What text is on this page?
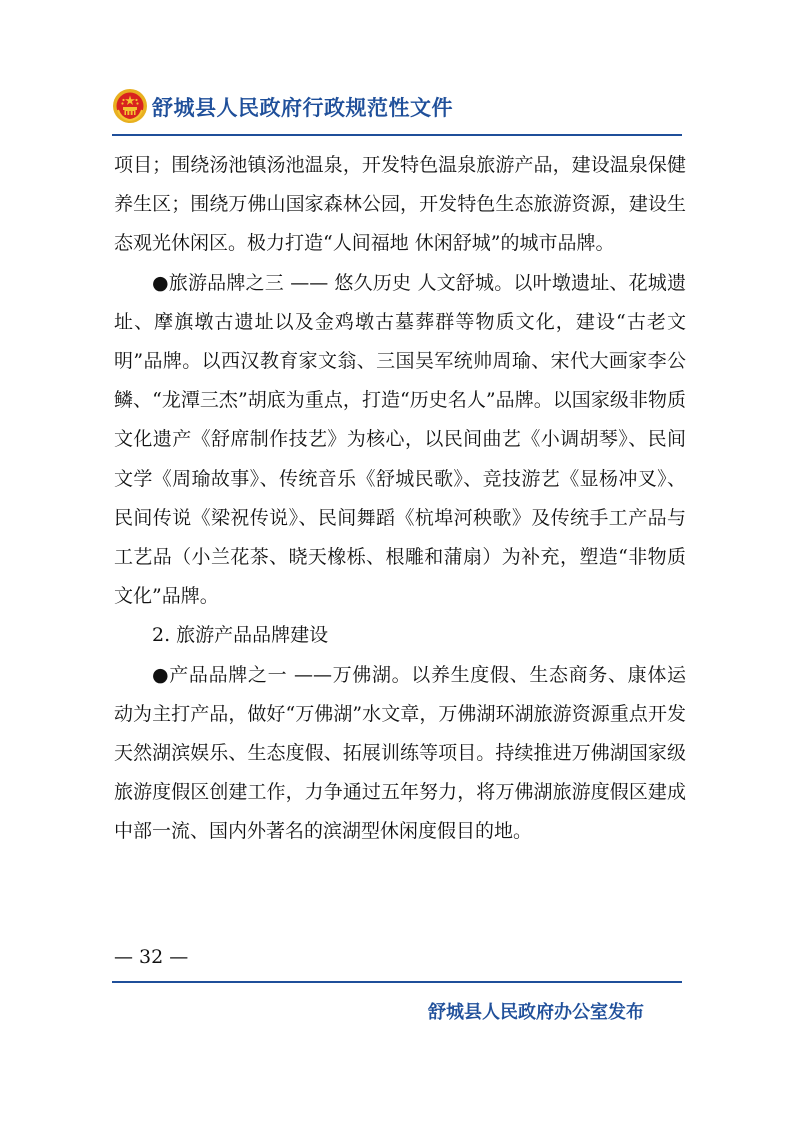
舒城县人民政府行政规范性文件

项目；围绕汤池镇汤池温泉，开发特色温泉旅游产品，建设温泉保健养生区；围绕万佛山国家森林公园，开发特色生态旅游资源，建设生态观光休闲区。极力打造“人间福地 休闲舒城”的城市品牌。

●旅游品牌之三 —— 悠久历史 人文舒城。以叶墩遗址、花城遗址、摩旗墩古遗址以及金鸡墩古墓葬群等物质文化，建设“古老文明”品牌。以西汉教育家文翁、三国吴军统帅周瑜、宋代大画家李公鳞、“龙潭三杰”胡底为重点，打造“历史名人”品牌。以国家级非物质文化遗产《舒席制作技艺》为核心，以民间曲艺《小调胡琴》、民间文学《周瑜故事》、传统音乐《舒城民歌》、竞技游艺《显杨冲叉》、民间传说《梁祝传说》、民间舞蹈《杭埠河秧歌》及传统手工产品与工艺品（小兰花茶、晓天橡栎、根雕和蒲扇）为补充，塑造“非物质文化”品牌。

2. 旅游产品品牌建设

●产品品牌之一 ——万佛湖。以养生度假、生态商务、康体运动为主打产品，做好“万佛湖”水文章，万佛湖环湖旅游资源重点开发天然湖滨娱乐、生态度假、拓展训练等项目。持续推进万佛湖国家级旅游度假区创建工作，力争通过五年努力，将万佛湖旅游度假区建成中部一流、国内外著名的滨湖型休闲度假目的地。

— 32 —
舒城县人民政府办公室发布
